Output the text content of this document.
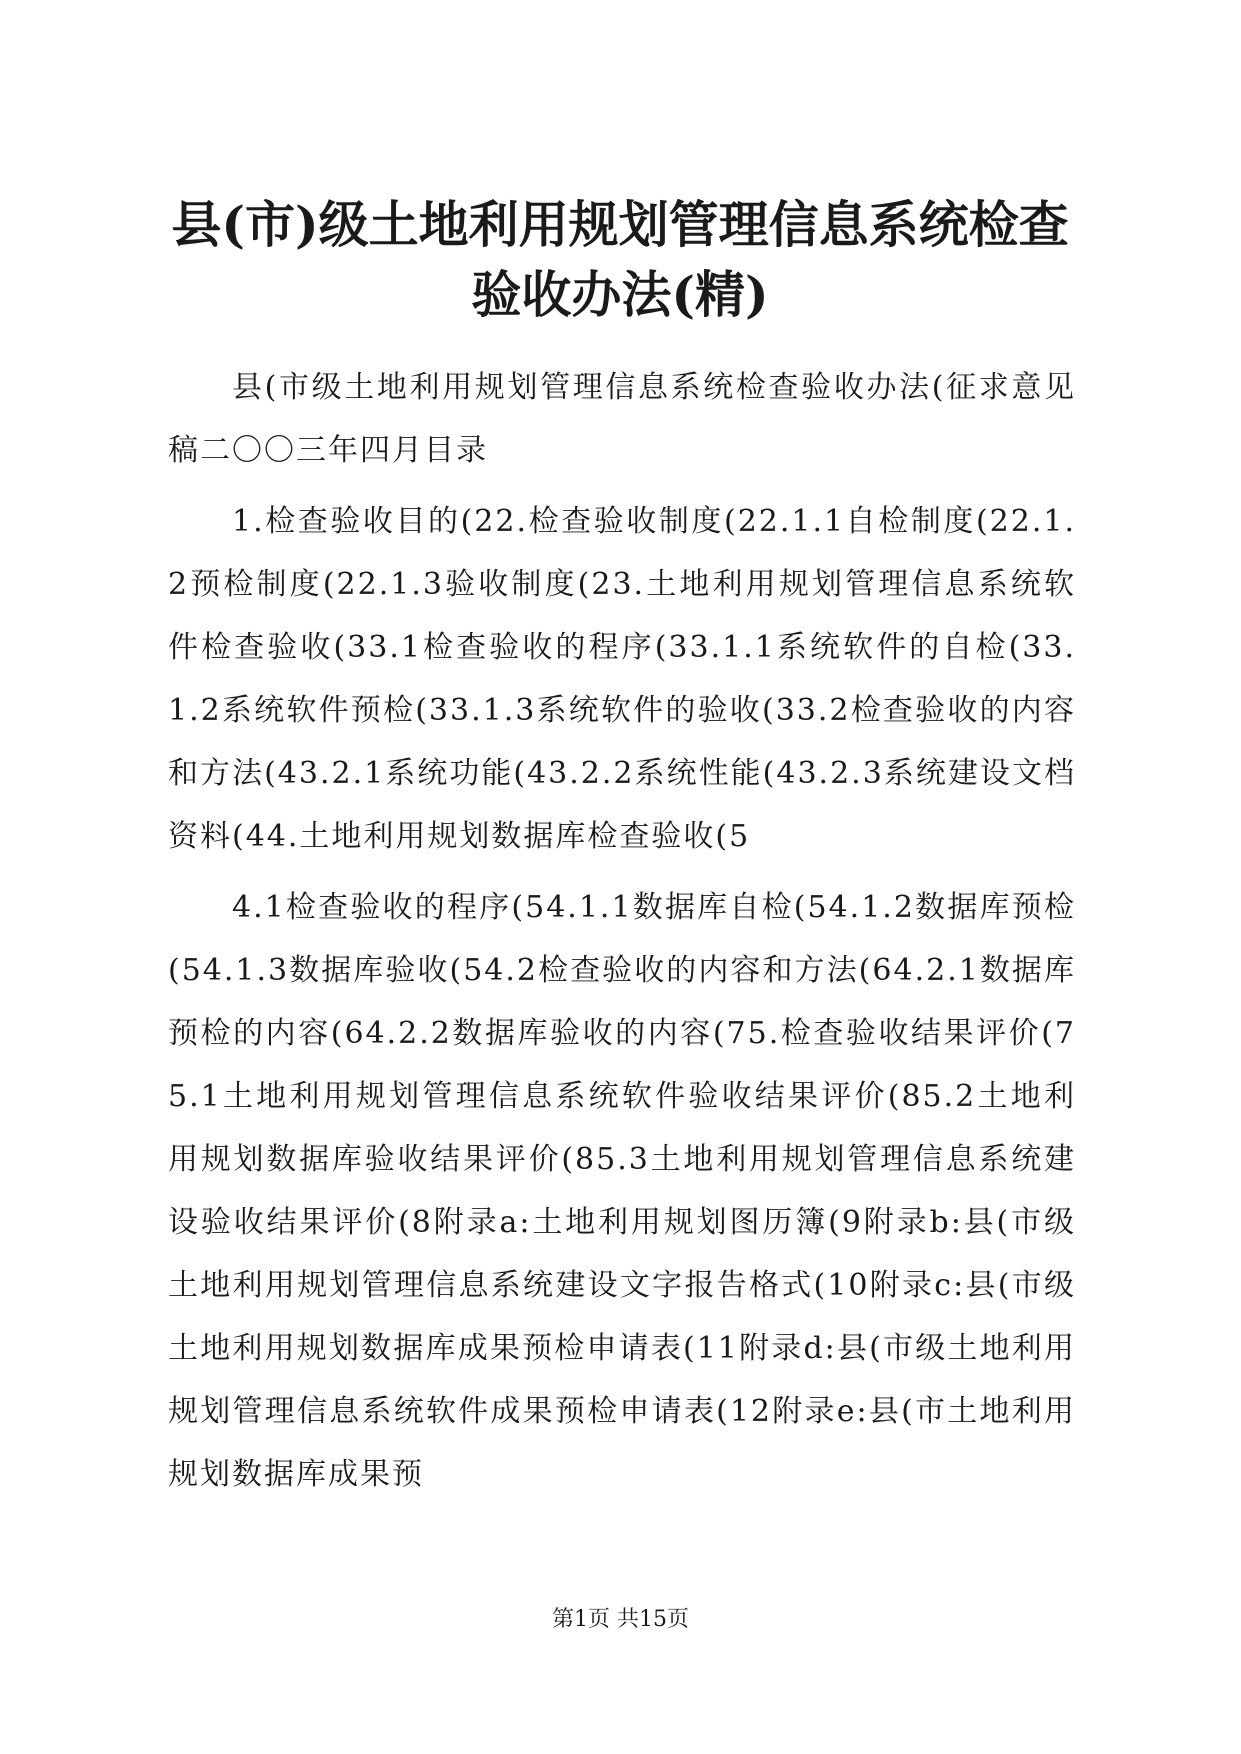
县(市)级土地利用规划管理信息系统检查验收办法(精)

县(市级土地利用规划管理信息系统检查验收办法(征求意见稿二〇〇三年四月目录

1.检查验收目的(22.检查验收制度(22.1.1自检制度(22.1.2预检制度(22.1.3验收制度(23.土地利用规划管理信息系统软件检查验收(33.1检查验收的程序(33.1.1系统软件的自检(33.1.2系统软件预检(33.1.3系统软件的验收(33.2检查验收的内容和方法(43.2.1系统功能(43.2.2系统性能(43.2.3系统建设文档资料(44.土地利用规划数据库检查验收(5

4.1检查验收的程序(54.1.1数据库自检(54.1.2数据库预检(54.1.3数据库验收(54.2检查验收的内容和方法(64.2.1数据库预检的内容(64.2.2数据库验收的内容(75.检查验收结果评价(75.1土地利用规划管理信息系统软件验收结果评价(85.2土地利用规划数据库验收结果评价(85.3土地利用规划管理信息系统建设验收结果评价(8附录a:土地利用规划图历簿(9附录b:县(市级土地利用规划管理信息系统建设文字报告格式(10附录c:县(市级土地利用规划数据库成果预检申请表(11附录d:县(市级土地利用规划管理信息系统软件成果预检申请表(12附录e:县(市土地利用规划数据库成果预

第1页 共15页
